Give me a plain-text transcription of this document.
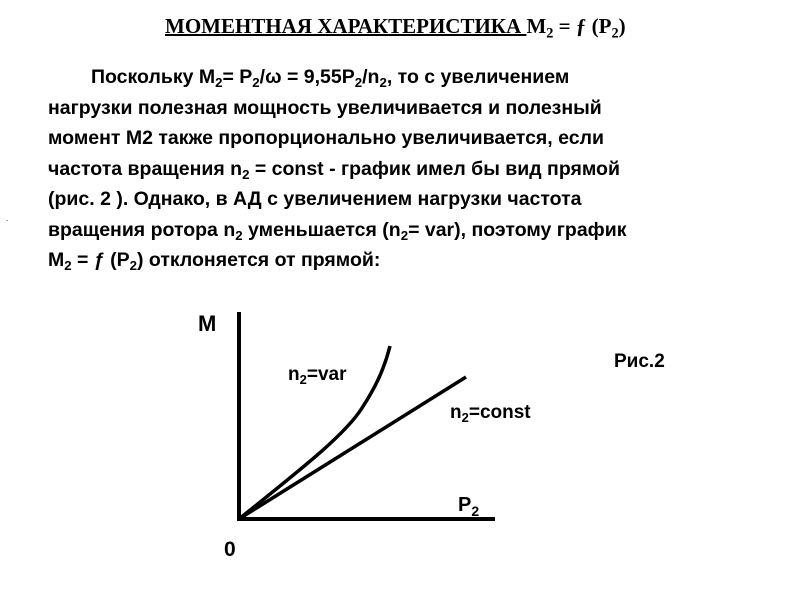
МОМЕНТНАЯ ХАРАКТЕРИСТИКА $М_2$ = ƒ $(Р_2)$
Поскольку $М_2= Р_2/\omega = 9,55Р_2/n_2$, то с увеличением
нагрузки полезная мощность увеличивается и полезный
момент М2 также пропорционально увеличивается, если
частота вращения $n_2$ = const - график имел бы вид прямой
(рис. 2 ). Однако, в АД с увеличением нагрузки частота
вращения ротора $n_2$ уменьшается $(n_2= var)$, поэтому график
$М_2$ = ƒ $(Р_2)$ отклоняется от прямой:
.
M
$P_2$
0
$n_2=var$
$n_2=const$
Рис.2
